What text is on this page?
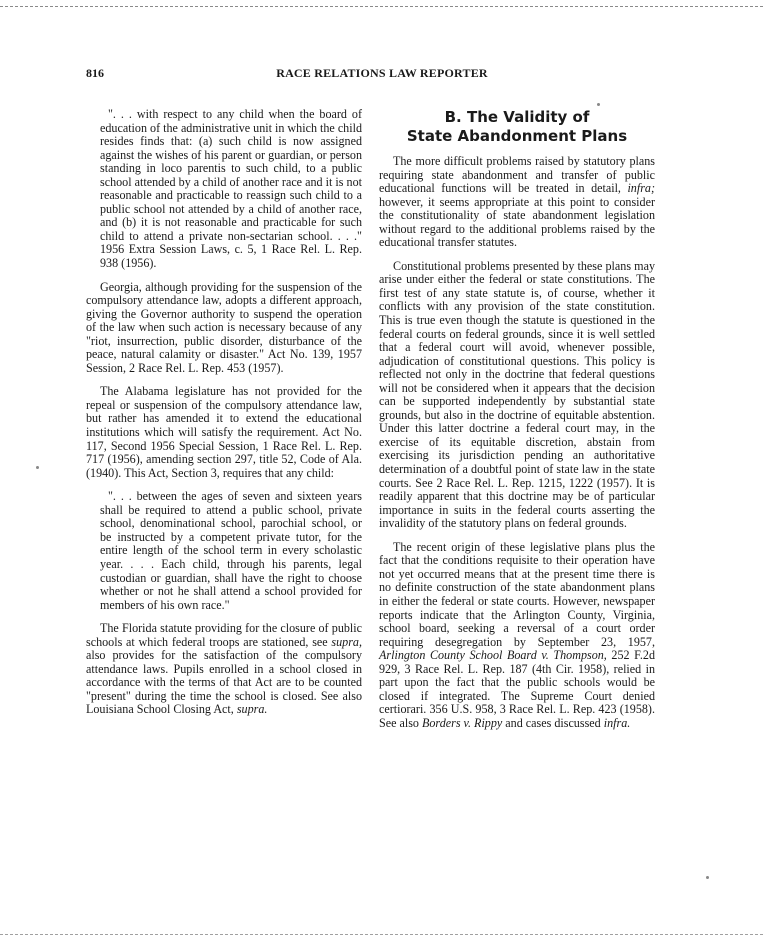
816	RACE RELATIONS LAW REPORTER

". . . with respect to any child when the board of education of the administrative unit in which the child resides finds that: (a) such child is now assigned against the wishes of his parent or guardian, or person standing in loco parentis to such child, to a public school attended by a child of another race and it is not reasonable and practicable to reassign such child to a public school not attended by a child of another race, and (b) it is not reasonable and practicable for such child to attend a private non-sectarian school. . . ." 1956 Extra Session Laws, c. 5, 1 Race Rel. L. Rep. 938 (1956).

Georgia, although providing for the suspension of the compulsory attendance law, adopts a different approach, giving the Governor authority to suspend the operation of the law when such action is necessary because of any "riot, insurrection, public disorder, disturbance of the peace, natural calamity or disaster." Act No. 139, 1957 Session, 2 Race Rel. L. Rep. 453 (1957).

The Alabama legislature has not provided for the repeal or suspension of the compulsory attendance law, but rather has amended it to extend the educational institutions which will satisfy the requirement. Act No. 117, Second 1956 Special Session, 1 Race Rel. L. Rep. 717 (1956), amending section 297, title 52, Code of Ala. (1940). This Act, Section 3, requires that any child:

". . . between the ages of seven and sixteen years shall be required to attend a public school, private school, denominational school, parochial school, or be instructed by a competent private tutor, for the entire length of the school term in every scholastic year. . . . Each child, through his parents, legal custodian or guardian, shall have the right to choose whether or not he shall attend a school provided for members of his own race."

The Florida statute providing for the closure of public schools at which federal troops are stationed, see supra, also provides for the satisfaction of the compulsory attendance laws. Pupils enrolled in a school closed in accordance with the terms of that Act are to be counted "present" during the time the school is closed. See also Louisiana School Closing Act, supra.

B. The Validity of
State Abandonment Plans

The more difficult problems raised by statutory plans requiring state abandonment and transfer of public educational functions will be treated in detail, infra; however, it seems appropriate at this point to consider the constitutionality of state abandonment legislation without regard to the additional problems raised by the educational transfer statutes.

Constitutional problems presented by these plans may arise under either the federal or state constitutions. The first test of any state statute is, of course, whether it conflicts with any provision of the state constitution. This is true even though the statute is questioned in the federal courts on federal grounds, since it is well settled that a federal court will avoid, whenever possible, adjudication of constitutional questions. This policy is reflected not only in the doctrine that federal questions will not be considered when it appears that the decision can be supported independently by substantial state grounds, but also in the doctrine of equitable abstention. Under this latter doctrine a federal court may, in the exercise of its equitable discretion, abstain from exercising its jurisdiction pending an authoritative determination of a doubtful point of state law in the state courts. See 2 Race Rel. L. Rep. 1215, 1222 (1957). It is readily apparent that this doctrine may be of particular importance in suits in the federal courts asserting the invalidity of the statutory plans on federal grounds.

The recent origin of these legislative plans plus the fact that the conditions requisite to their operation have not yet occurred means that at the present time there is no definite construction of the state abandonment plans in either the federal or state courts. However, newspaper reports indicate that the Arlington County, Virginia, school board, seeking a reversal of a court order requiring desegregation by September 23, 1957, Arlington County School Board v. Thompson, 252 F.2d 929, 3 Race Rel. L. Rep. 187 (4th Cir. 1958), relied in part upon the fact that the public schools would be closed if integrated. The Supreme Court denied certiorari. 356 U.S. 958, 3 Race Rel. L. Rep. 423 (1958). See also Borders v. Rippy and cases discussed infra.
